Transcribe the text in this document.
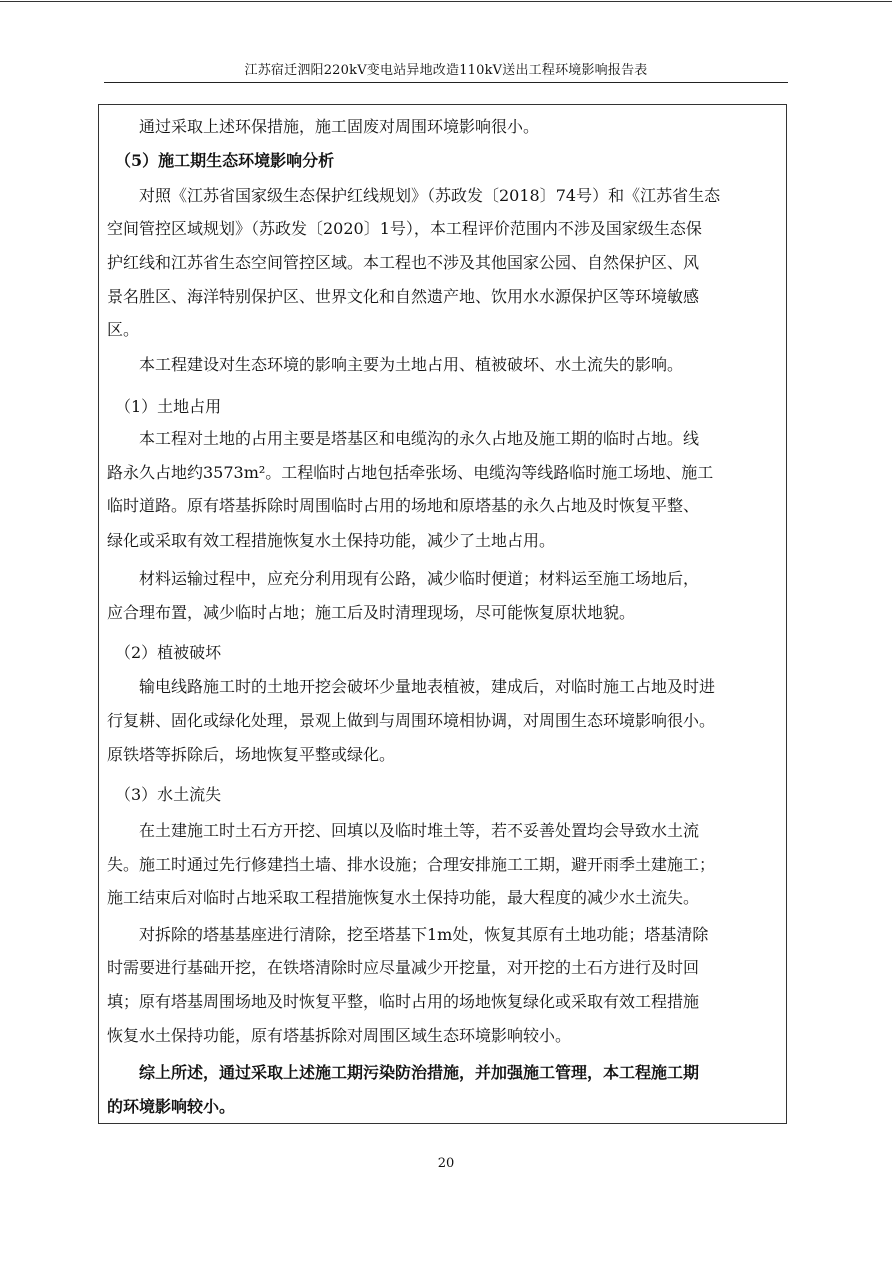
江苏宿迁泗阳220kV变电站异地改造110kV送出工程环境影响报告表
　　通过采取上述环保措施，施工固废对周围环境影响很小。
　（5）施工期生态环境影响分析
　　对照《江苏省国家级生态保护红线规划》（苏政发〔2018〕74号）和《江苏省生态
空间管控区域规划》（苏政发〔2020〕1号），本工程评价范围内不涉及国家级生态保
护红线和江苏省生态空间管控区域。本工程也不涉及其他国家公园、自然保护区、风
景名胜区、海洋特别保护区、世界文化和自然遗产地、饮用水水源保护区等环境敏感
区。
　　本工程建设对生态环境的影响主要为土地占用、植被破坏、水土流失的影响。
　（1）土地占用
　　本工程对土地的占用主要是塔基区和电缆沟的永久占地及施工期的临时占地。线
路永久占地约3573m²。工程临时占地包括牵张场、电缆沟等线路临时施工场地、施工
临时道路。原有塔基拆除时周围临时占用的场地和原塔基的永久占地及时恢复平整、
绿化或采取有效工程措施恢复水土保持功能，减少了土地占用。
　　材料运输过程中，应充分利用现有公路，减少临时便道；材料运至施工场地后，
应合理布置，减少临时占地；施工后及时清理现场，尽可能恢复原状地貌。
　（2）植被破坏
　　输电线路施工时的土地开挖会破坏少量地表植被，建成后，对临时施工占地及时进
行复耕、固化或绿化处理，景观上做到与周围环境相协调，对周围生态环境影响很小。
原铁塔等拆除后，场地恢复平整或绿化。
　（3）水土流失
　　在土建施工时土石方开挖、回填以及临时堆土等，若不妥善处置均会导致水土流
失。施工时通过先行修建挡土墙、排水设施；合理安排施工工期，避开雨季土建施工；
施工结束后对临时占地采取工程措施恢复水土保持功能，最大程度的减少水土流失。
　　对拆除的塔基基座进行清除，挖至塔基下1m处，恢复其原有土地功能；塔基清除
时需要进行基础开挖，在铁塔清除时应尽量减少开挖量，对开挖的土石方进行及时回
填；原有塔基周围场地及时恢复平整，临时占用的场地恢复绿化或采取有效工程措施
恢复水土保持功能，原有塔基拆除对周围区域生态环境影响较小。
　　综上所述，通过采取上述施工期污染防治措施，并加强施工管理，本工程施工期
的环境影响较小。
20
